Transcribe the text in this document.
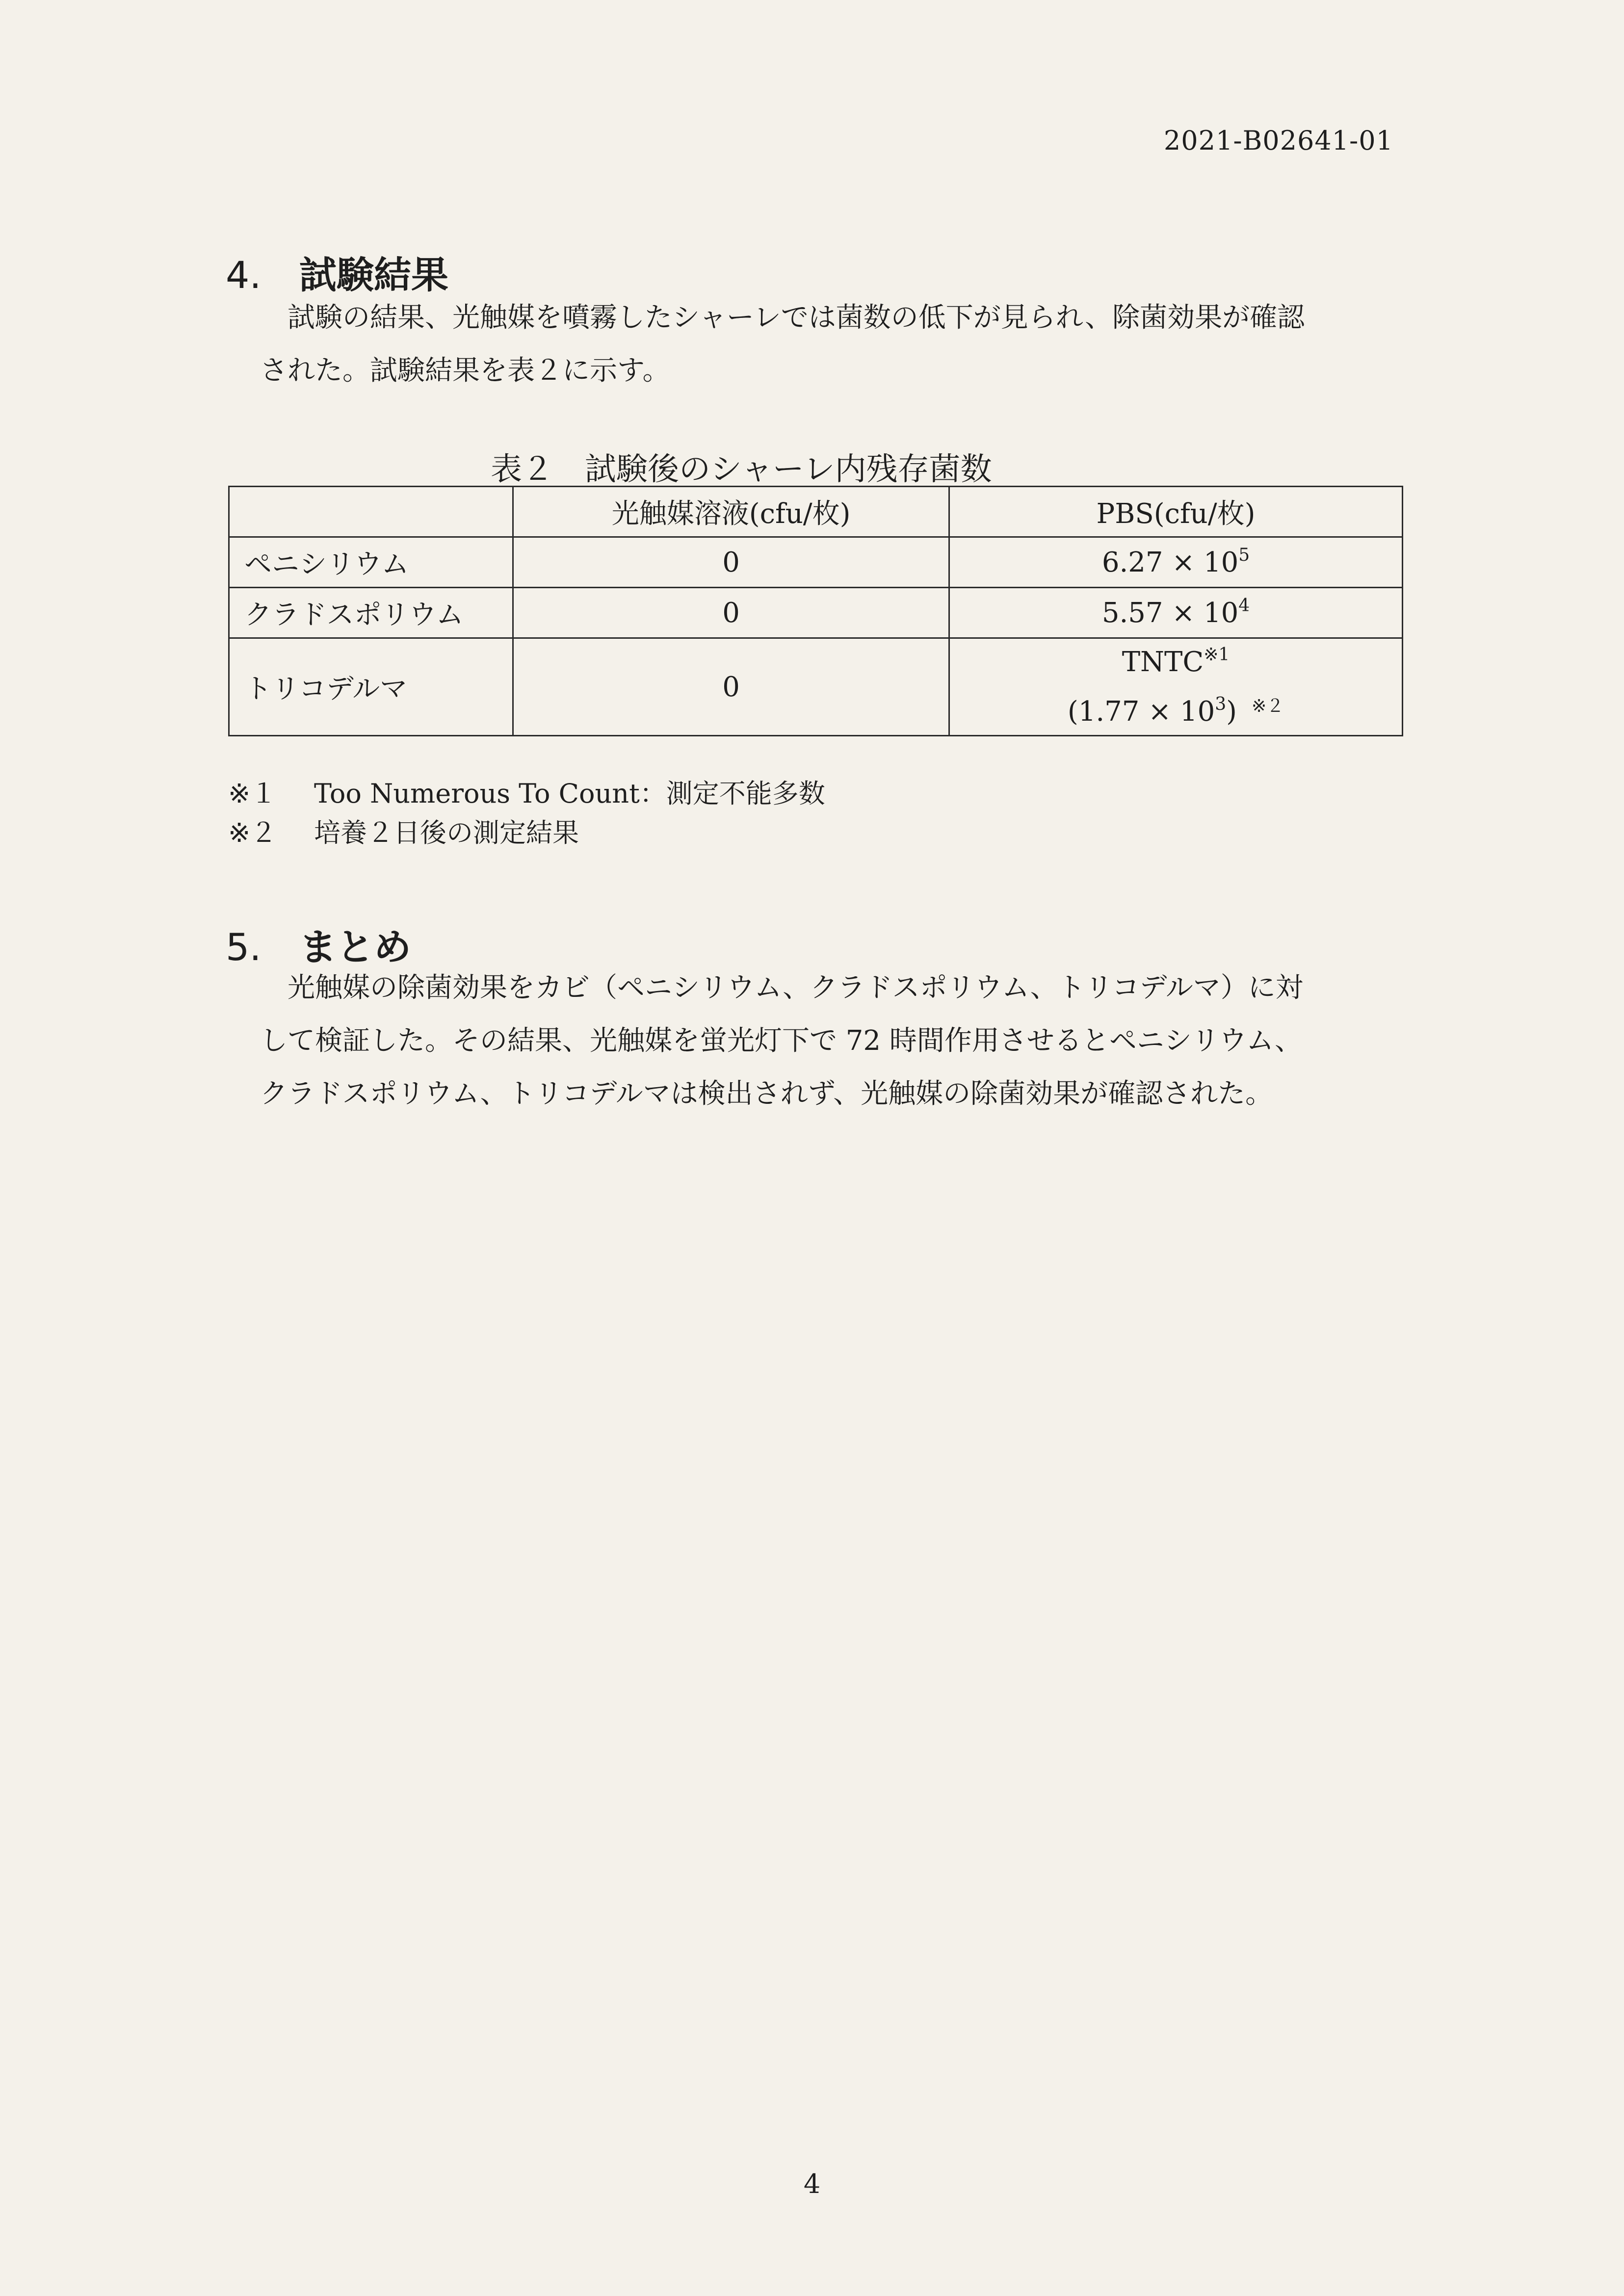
2021-B02641-01
4. 試験結果
試験の結果、光触媒を噴霧したシャーレでは菌数の低下が見られ、除菌効果が確認
された。試験結果を表２に示す。
表２　試験後のシャーレ内残存菌数
	光触媒溶液(cfu/枚)	PBS(cfu/枚)
ペニシリウム	0	$6.27 \times 10^5$
クラドスポリウム	0	$5.57 \times 10^4$
トリコデルマ	0	TNTC$^{※1}$
$(1.77 \times 10^3)$ $^{※2}$
※１ Too Numerous To Count：測定不能多数
※２ 培養２日後の測定結果
5. まとめ
光触媒の除菌効果をカビ（ペニシリウム、クラドスポリウム、トリコデルマ）に対
して検証した。その結果、光触媒を蛍光灯下で 72 時間作用させるとペニシリウム、
クラドスポリウム、トリコデルマは検出されず、光触媒の除菌効果が確認された。
4
